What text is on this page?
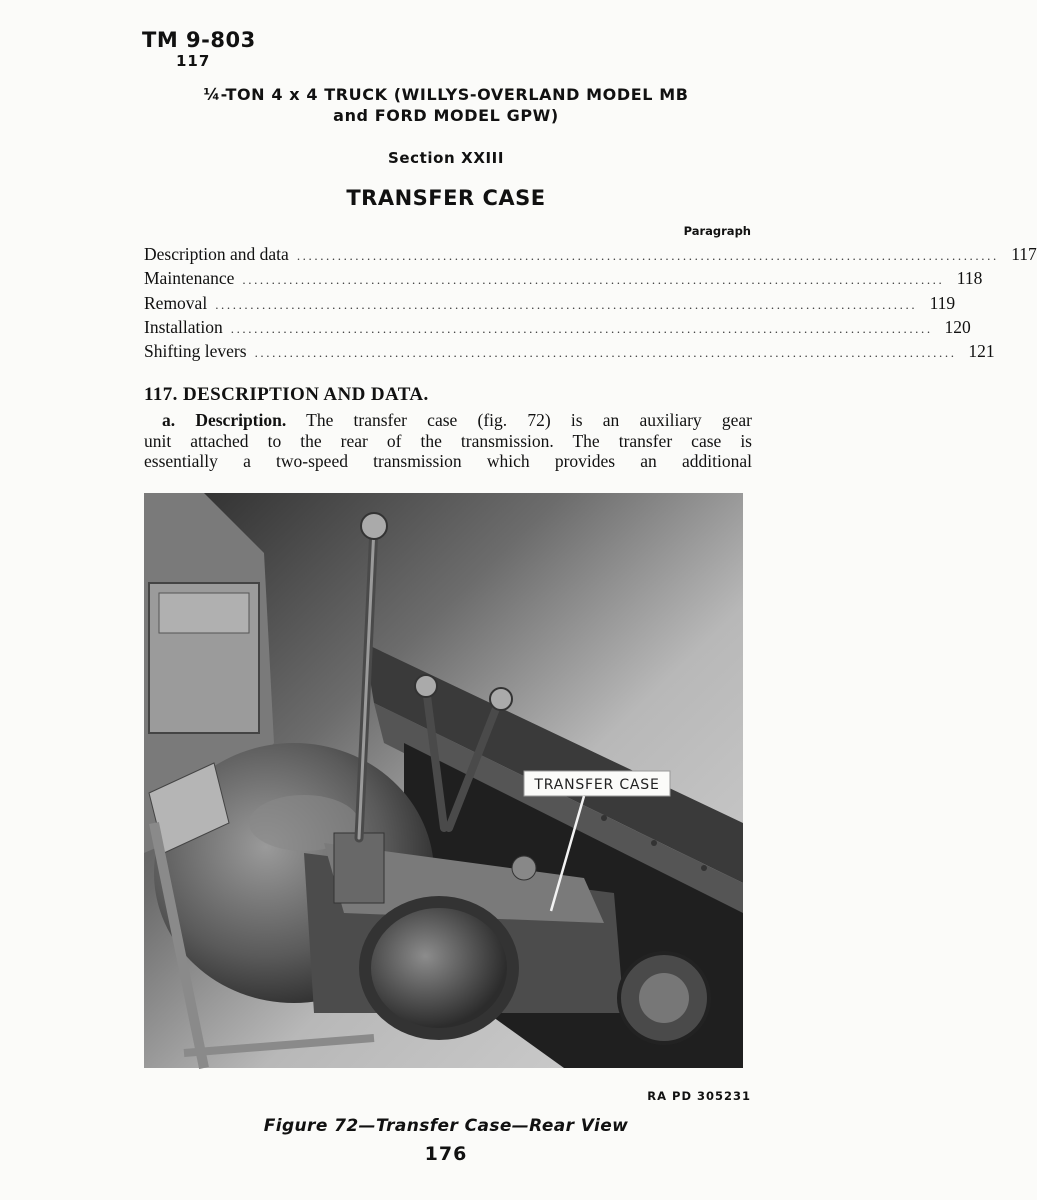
TM 9-803
117
¼-TON 4 x 4 TRUCK (WILLYS-OVERLAND MODEL MB
and FORD MODEL GPW)
Section XXIII
TRANSFER CASE
Paragraph
Description and data ........................................................................................................................ 117
Maintenance ........................................................................................................................ 118
Removal ........................................................................................................................ 119
Installation ........................................................................................................................ 120
Shifting levers ........................................................................................................................ 121
117. DESCRIPTION AND DATA.
a. Description. The transfer case (fig. 72) is an auxiliary gear
unit attached to the rear of the transmission. The transfer case is
essentially a two-speed transmission which provides an additional
TRANSFER CASE
RA PD 305231
Figure 72—Transfer Case—Rear View
176
